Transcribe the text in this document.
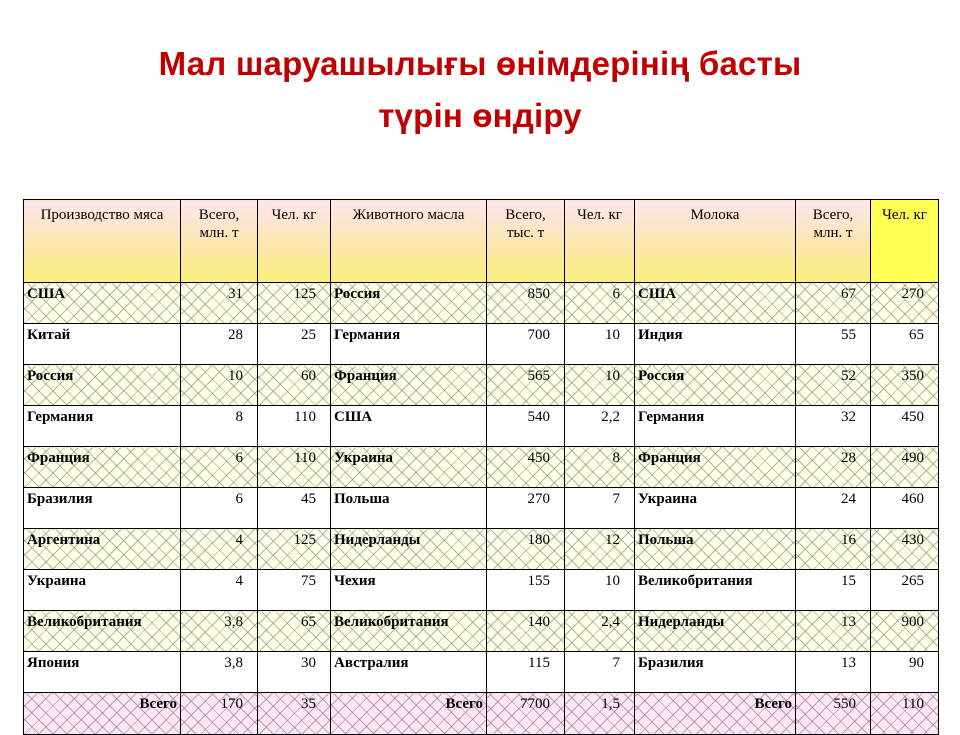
Мал шаруашылығы өнімдерінің басты
түрін өндіру
Производство мяса	Всего, млн. т	Чел. кг	Животного масла	Всего, тыс. т	Чел. кг	Молока	Всего, млн. т	Чел. кг
США	31	125	Россия	850	6	США	67	270
Китай	28	25	Германия	700	10	Индия	55	65
Россия	10	60	Франция	565	10	Россия	52	350
Германия	8	110	США	540	2,2	Германия	32	450
Франция	6	110	Украина	450	8	Франция	28	490
Бразилия	6	45	Польша	270	7	Украина	24	460
Аргентина	4	125	Нидерланды	180	12	Польша	16	430
Украина	4	75	Чехия	155	10	Великобритания	15	265
Великобритания	3,8	65	Великобритания	140	2,4	Нидерланды	13	900
Япония	3,8	30	Австралия	115	7	Бразилия	13	90
Всего	170	35	Всего	7700	1,5	Всего	550	110
